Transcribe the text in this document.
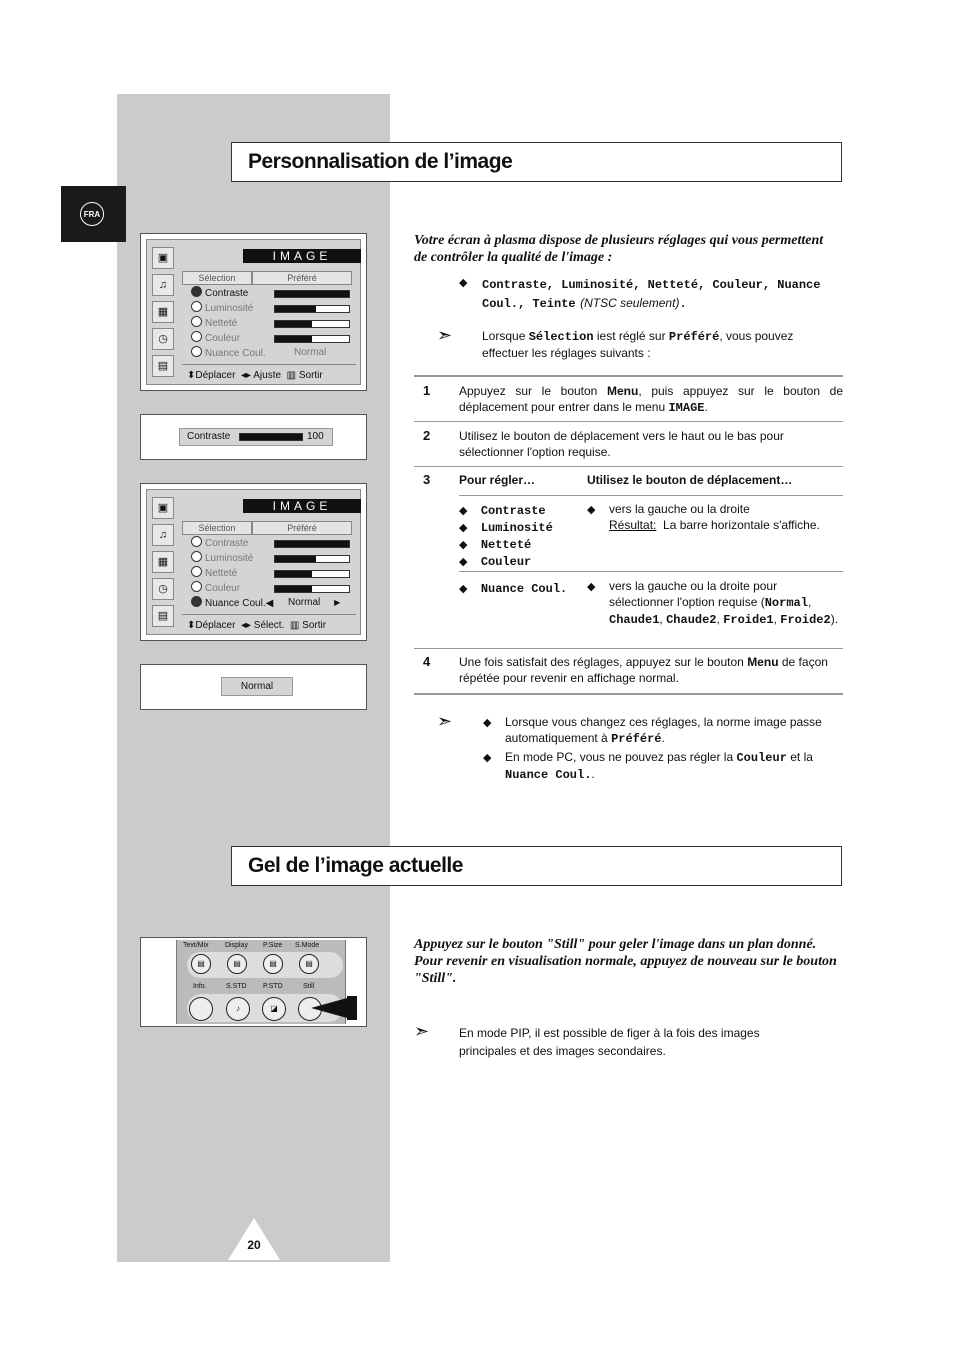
FRA
Personnalisation de l’image
▣
♫
▦
◷
▤
IMAGE
Sélection	Préféré
Contraste
Luminosité
Netteté
Couleur
Nuance Coul.	Normal
⬍Déplacer  ◂▸ Ajuste  ▥ Sortir
Contraste	100
▣
♫
▦
◷
▤
IMAGE
Sélection	Préféré
Contraste
Luminosité
Netteté
Couleur
Nuance Coul.◀ Normal ▶
⬍Déplacer  ◂▸ Sélect.  ▥ Sortir
Normal
Votre écran à plasma dispose de plusieurs réglages qui vous permettent de contrôler la qualité de l'image :
◆ Contraste, Luminosité, Netteté, Couleur, Nuance Coul., Teinte (NTSC seulement).
➣ Lorsque Sélection iest réglé sur Préféré, vous pouvez effectuer les réglages suivants :
1 Appuyez sur le bouton Menu, puis appuyez sur le bouton de déplacement pour entrer dans le menu IMAGE.
2 Utilisez le bouton de déplacement vers le haut ou le bas pour sélectionner l'option requise.
3 Pour régler…	Utilisez le bouton de déplacement…
◆ Contraste
◆ Luminosité
◆ Netteté
◆ Couleur
◆ vers la gauche ou la droite
Résultat: La barre horizontale s'affiche.
◆ Nuance Coul. ◆ vers la gauche ou la droite pour sélectionner l'option requise (Normal, Chaude1, Chaude2, Froide1, Froide2).
4 Une fois satisfait des réglages, appuyez sur le bouton Menu de façon répétée pour revenir en affichage normal.
➣	◆ Lorsque vous changez ces réglages, la norme image passe automatiquement à Préféré.
◆ En mode PC, vous ne pouvez pas régler la Couleur et la Nuance Coul..
Gel de l’image actuelle
Text/Mix Display P.Size S.Mode
▤	▤	▤	▤
Info.	S.STD P.STD	Still
♪	◪
Appuyez sur le bouton "Still" pour geler l'image dans un plan donné. Pour revenir en visualisation normale, appuyez de nouveau sur le bouton "Still".
➣ En mode PIP, il est possible de figer à la fois des images principales et des images secondaires.
20
